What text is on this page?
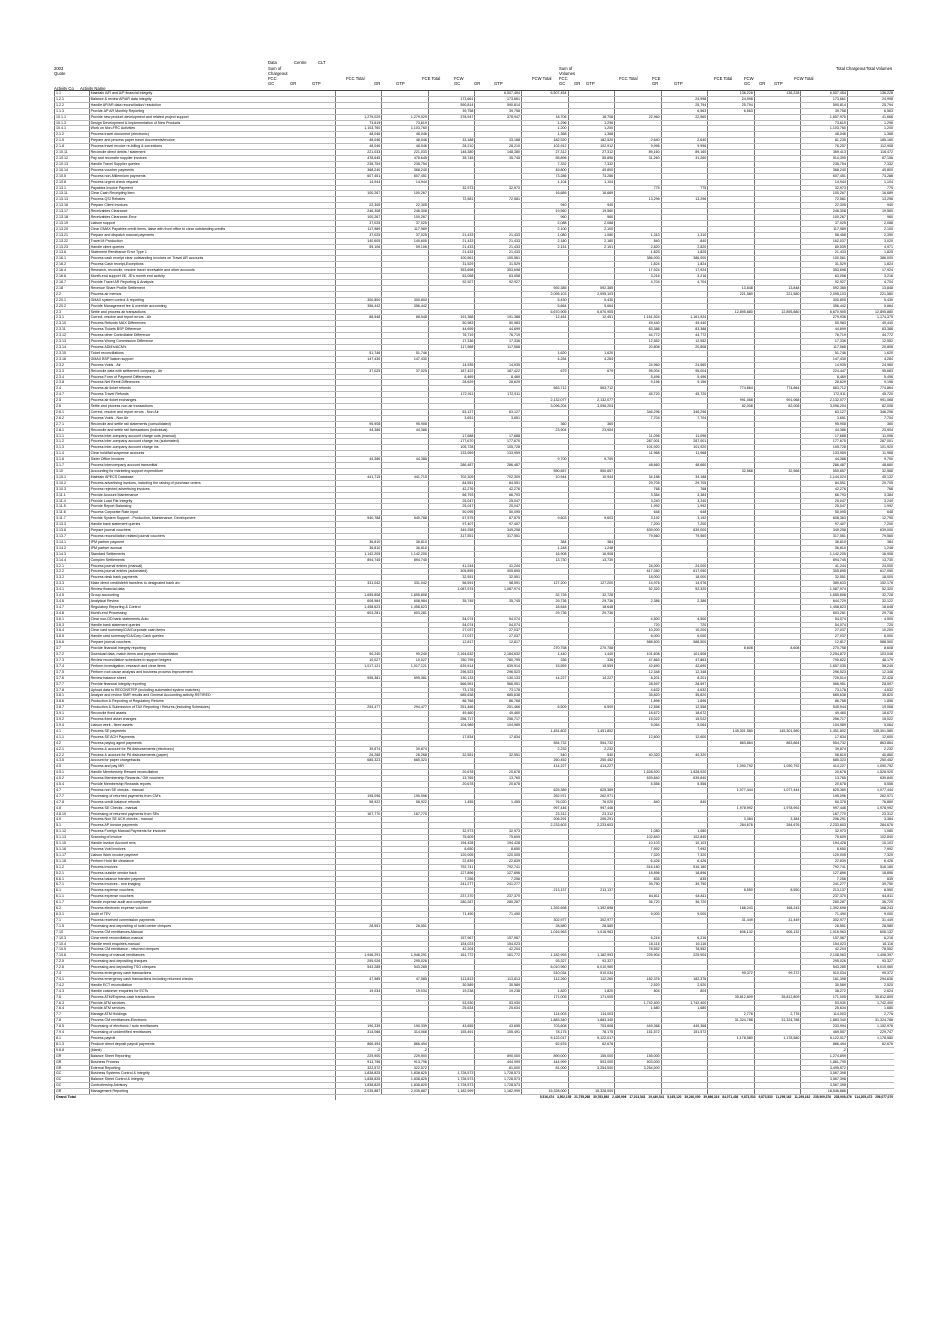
Data	Centre	CLT
2003
Quote
Sum of
Chargeout
Sum of
Volumes
FCC	FCC Total	FCE Total	FCW	FCW Total FCC	FCC Total	FCE	FCE Total	FCW	FCW Total
GC	GR	GTP	GR	GTP	GC	GR	GTP	GC GR GTP	GR	GTP	GC GR GTP
Total Chargeout Total Volumes
Activity Co Activity Name
1.1	Maintain A/R and A/P financial integrity				6,507,454	6,507,454				136,228	136,228	6,507,454	136,228
1.2.1	Balance & review AP/AR data integrity			173,661	173,661				24,998	24,998		173,661	24,998
1.2.2	Handle AP/AR data reconciliation/ resolution			590,814	590,814				25,794	25,794		590,814	25,794
1.1.3	Provide AP AR Monthly Reporting			39,758	39,758				6,563	6,563		39,758	6,563
10.1.1	Provide new product development and related project support	1,279,029	1,279,029	378,947	378,947	18,706	18,706	22,960	22,960			1,657,975	41,666
10.1.3	Design Development & Implementation of New Products	73,619	73,619			1,296	1,296					73,619	1,296
10.4.1	Work on Non-FRC Activities	1,103,760	1,103,760			1,200	1,200					1,103,760	1,200
2.1.2	Process travel document (electronic)	48,046	48,046			1,368	1,368					48,046	1,368
2.1.5	Prepare and process paper travel documents/invoice	48,046	48,046	33,188	33,188	182,520	182,520	2,640	2,640			81,235	185,160
2.1.8	Process travel invoice re-billing & corrections	48,046	48,046	28,210	28,210	102,912	102,912	9,996	9,996			76,257	112,908
2.10.11	Reconcile direct debits / statement	221,033	221,033	148,380	148,380	27,312	27,312	89,160	89,160			369,413	116,472
2.10.12	Pay and reconcile supplier invoices	478,645	478,645	35,745	35,745	55,896	55,896	31,260	31,260			514,390	87,156
2.10.13	Handle Travel Supplier queries	235,754	235,754			7,332	7,332					235,754	7,332
2.10.14	Process voucher payments	368,240	368,240			49,800	49,800					368,240	49,800
2.10.5	Process non-Millennium payments	607,451	607,451			73,286	73,286					607,451	73,286
2.10.8	Process urgent check request	14,944	14,944			1,104	1,104					14,944	1,104
2.13.1	Payables Invoice Payment			32,973	32,973			775	775			32,973	775
2.13.11	Clear Cash Receipting Item	100,267	100,267			16,689	16,689					100,267	16,689
2.13.13	Process QSI Rebates			72,581	72,581			13,296	13,296			72,581	13,296
2.13.16	Prepare Client Invoices	22,305	22,305			940	940					22,305	940
2.13.17	Receivables Clearance	246,308	246,308			19,560	19,560					246,308	19,560
2.13.18	Receivables Clearance-Error	100,267	100,267			960	960					100,267	960
2.13.19	Liaison support	37,025	37,025			2,088	2,088					37,025	2,088
2.13.20	Clear GMAX Payables credit items, liaise with front office to clear outstanding credits	117,989	117,989			2,100	2,100					117,989	2,100
2.13.21	Prepare and dispatch manual payments	37,025	37,025	21,433	21,433	1,080	1,080	1,310	1,310			58,458	2,390
2.13.22	Travel M Production	140,605	140,605	21,433	21,433	2,180	2,180	840	840			162,037	3,020
2.13.23	Handle client queries	59,106	59,106	21,433	21,433	2,151	2,151	2,820	2,820			80,539	4,971
2.13.6	Statement Remittance Error Type 1			21,433	21,433			1,825	1,825			21,433	1,825
2.16.1	Process cash receipt clear outstanding invoices on Travel AR accounts			100,561	100,561			386,000	386,000			100,561	386,000
2.16.2	Process Cash receipt-Exceptions			31,529	31,529			1,824	1,824			31,529	1,824
2.16.4	Research, reconcile, resolve travel receivable and other accounts			353,698	353,698			17,924	17,924			353,698	17,924
2.16.6	Month-end support I/E, JE's month end activity			63,058	63,058			3,216	3,216			63,058	3,216
2.16.7	Provide Travel AR Reporting & Analysis			92,927	92,927			4,704	4,704			92,927	4,704
2.18	Revenue Share Profile Settlement					592,385	592,385			13,848	13,848	592,385	13,848
2.2	Process air memos					2,095,103	2,095,103			221,580	221,580	2,095,103	221,580
2.20.1	GMAX system control & reporting	300,800	300,800			5,430	5,430					300,800	5,430
2.20.2	Provide Management fee & override accounting	356,442	356,442			5,664	5,664					356,442	5,664
2.3	Settle and process air transactions					6,670,905	6,670,905			12,895,880	12,895,880	6,670,905	12,895,880
2.3.1	Correct, resolve and report errors - Air	88,548	88,548	191,388	191,388	12,451	12,451	1,161,924	1,161,924			279,936	1,174,375
2.3.10	Process Refunds MAX Differences			50,983	50,983			49,440	49,440			50,983	49,440
2.3.11	Process Tickets BSP Difference			44,699	44,699			83,388	83,388			44,699	83,388
2.3.12	Process other Controllable Difference			76,719	76,719			44,772	44,772			76,719	44,772
2.3.13	Process Wrong Commission Difference			17,336	17,336			12,552	12,552			17,336	12,552
2.3.14	Process ADM's/ACM's			117,568	117,568			20,808	20,808			117,568	20,808
2.3.15	Ticket reconciliations	51,746	51,746			1,620	1,620					51,746	1,620
2.3.16	GMAX BSP liaison support	147,430	147,430			4,284	4,284					147,430	4,284
2.3.2	Process Voids - Air			14,935	14,935			24,960	24,960			14,935	24,960
2.3.3	Reconcile data with settlement company - Air	37,025	37,025	187,422	187,422	679	679	95,004	95,004			224,447	95,683
2.3.4	Process Form of Payment Differences			8,469	8,469			5,496	5,496			8,469	5,496
2.3.8	Process Net Remit Differences			28,629	28,629			9,156	9,156			28,629	9,156
2.4	Process air ticket refunds					563,712	563,712			774,864	774,864	563,712	774,864
2.4.7	Process Travel Refunds			172,911	172,911			45,720	45,720			172,911	45,720
2.5	Process air ticket exchanges					2,132,077	2,132,077			991,068	991,068	2,132,077	991,068
2.6	Settle and process non-air transactions					3,096,204	3,096,204			82,008	82,008	3,096,204	82,008
2.6.1	Correct, resolve and report errors - Non Air			63,127	63,127			346,296	346,296			63,127	346,296
2.6.2	Process Voids - Non Air			3,651	3,651			7,704	7,704			3,651	7,704
2.7.1	Reconcile and settle rail statements (consolidated)	95,908	95,908			360	360					95,908	360
2.8.1	Reconcile and settle rail transactions (individual)	44,386	44,386			23,904	23,904					44,386	23,904
3.1.1	Process inter-company account charge outs (manual)			17,688	17,688			11,096	11,096			17,688	11,096
3.1.2	Process inter-company account charge ins (automated)			177,670	177,670			287,001	287,001			177,670	287,001
3.1.3	Process inter-company account charge ins			105,728	105,728			101,920	101,920			105,728	101,920
3.1.4	Clear hold/fail suspense accounts			133,959	133,959			11,968	11,968			133,959	11,968
3.1.6	Sister Office Invoices	44,386	44,386			9,700	9,700					44,386	9,700
3.1.7	Process intercompany account transmittal			286,487	286,487			48,660	48,660			286,487	48,660
3.10	Accounting for marketing support expenditure					550,657	550,657			32,568	32,568	550,657	32,568
3.10.1	Maintain APECS Database	441,715	441,715	702,309	702,309	10,944	10,944	34,188	34,188			1,144,024	45,132
3.10.2	Process advertising invoices, including the raising of purchase orders			84,551	84,551			29,705	29,705			84,551	29,705
3.10.3	Process rejected advertising invoices			42,276	42,276			768	768			42,276	768
3.11.1	Provide Account Maintenance			66,793	66,793			3,384	3,384			66,793	3,384
3.11.4	Provide Load File Integrity			25,047	25,047			3,240	3,240			25,047	3,240
3.11.5	Provide Report Balancing			25,047	25,047			1,992	1,992			25,047	1,992
3.11.6	Process Corporate Rate Input			50,095	50,095			648	648			50,095	648
3.11.7	Provide System Support - Production, Maintenance, Development	540,788	540,788	67,575	67,575	9,603	9,603	3,192	3,192			608,363	12,795
3.13.3	Handle bank statement queries			97,407	97,407			7,200	7,200			97,407	7,200
3.13.6	Prepare journal vouchers			349,258	349,258			639,000	639,000			349,258	639,000
3.13.7	Process reconciliation related journal vouchers			317,551	317,551			79,560	79,560			317,551	79,560
3.14.1	IPM partner payment	36,810	36,810			384	384					36,810	384
3.14.2	IPM partner accrual	36,810	36,810			1,248	1,248					36,810	1,248
3.14.3	Standard Settlements	1,142,205	1,142,205			16,908	16,908					1,142,205	16,908
3.14.4	Complex Settlements	894,745	894,745			13,730	13,730					894,745	13,730
3.2.1	Process journal entries (manual)			41,244	41,244			24,000	24,000			41,244	24,000
3.2.2	Process journal entries (automated)			305,895	305,895			617,050	617,050			305,895	617,050
3.3.2	Process desk bank payments			32,551	32,551			18,000	18,000			32,551	18,000
3.3.3	Make direct credit/debit transfers to designated bank a/c	331,042	331,042	58,591	58,591	127,200	127,200	14,976	14,976			389,633	152,176
3.4.1	Review financial data			1,087,974	1,087,974			52,320	52,320			1,087,974	52,320
3.4.5	Group accounting	1,655,808	1,655,808			32,728	32,728					1,655,808	32,728
3.4.6	Analytical Review	608,984	608,984	35,745	35,745	29,736	29,736	2,386	2,386			644,729	32,122
3.4.7	Regulatory Reporting & Control	1,458,623	1,458,623			18,648	18,648					1,458,623	18,648
3.4.8	Month-end Processing	603,281	603,281			29,736	29,736					603,281	29,736
3.6.1	Clear non-DD bank statements-Auto			54,074	54,074			4,500	4,500			54,074	4,500
3.6.3	Handle bank statement queries			54,074	54,074			720	720			54,074	720
3.6.4	Clear card summary/CIA/Corporate cash items			27,037	27,037			10,200	10,200			27,037	10,200
3.6.5	Handle card summary/CIA/Corp Cash queries			27,037	27,037			6,000	6,000			27,037	6,000
3.6.6	Prepare journal vouchers			12,817	12,817			588,500	588,500			12,817	588,500
3.7	Provide financial integrity reporting					270,758	270,758			8,608	8,608	270,758	8,608
3.7.2	Download data, match items and prepare reconciliation	90,240	90,240	2,164,632	2,164,632	1,440	1,440	101,608	101,608			2,254,872	103,048
3.7.3	Review reconciliation schedules to support ledgers	10,027	10,027	780,795	780,795	336	336	47,863	47,863			790,822	48,179
3.7.4	Perform investigation, research and clear items	1,017,121	1,017,121	639,914	639,914	15,559	15,559	42,690	42,690			1,657,035	58,249
3.7.5	Perform root cause analysis and business process improvement			296,523	296,523			12,348	12,348			296,523	12,348
3.7.6	Review balance sheet	595,381	595,381	130,133	130,133	14,227	14,227	8,201	8,201			725,514	22,428
3.7.7	Provide financial integrity reporting			566,951	566,951			28,597	28,597			566,951	28,597
3.7.8	Upload data to RECONSTEP (including automated system matches)			73,178	73,178			4,632	4,632			73,178	4,632
3.8.1	Analyze and review SMR results and General Accounting activity-RETIRED			685,638	685,638			35,820	35,820			685,638	35,820
3.8.6	Production & Reporting of Regulatory Returns			86,768	86,768			1,896	1,896			86,768	1,896
3.8.7	Production & Submission of TAX Reporting / Returns (including Schedules)	294,477	294,477	251,466	251,466	6,509	6,509	12,558	12,558			545,944	19,068
3.9.1	Reconcile fixed assets			49,460	49,460			18,672	18,672			49,460	18,672
3.9.2	Process fixed asset changes			256,717	256,717			15,022	15,022			256,717	15,022
3.9.4	Liaison work - fixed assets			104,989	104,989			5,064	5,064			104,989	5,064
4.1	Process SE payments					1,451,802	1,451,802			145,301,580	145,301,580	1,451,802	145,301,580
4.1.1	Process SE ACH Payments			17,834	17,834			12,600	12,600			17,834	12,600
4.2	Process paying agent payments					554,732	554,732			863,864	863,864	554,732	863,864
4.2.1	Process & account for PA disbursements (electronic)	39,874	39,874			2,232	2,232					39,874	2,232
4.2.2	Process & account for PA disbursements (paper)	26,268	26,268	32,551	32,551	540	540	40,320	40,320			58,819	40,860
4.3.5	Account for paper chargebacks	685,323	685,323			250,452	250,452					685,323	250,452
4.5	Process and pay MR					414,227	414,227			1,090,792	1,090,792	414,227	1,090,792
4.5.1	Handle Membership Reward reconciliation			20,678	20,678			1,528,920	1,528,920			20,678	1,528,920
4.5.2	Process Membership Rewards / Gift vouchers			13,765	13,765			639,840	639,840			13,765	639,840
4.5.4	Provide Membership Rewards reports			20,678	20,678			5,556	5,556			20,678	5,556
4.7	Process non SE checks - manual					625,389	625,389			1,077,444	1,077,444	625,389	1,077,444
4.7.7	Processing of returned payments from CM's	195,096	195,096			262,971	262,971					195,096	262,971
4.7.8	Process credit balance refunds	58,922	58,922	1,455	1,455	76,020	76,020	840	840			60,378	76,860
4.8	Process SE Checks - manual					997,446	997,446			1,978,992	1,978,992	997,446	1,978,992
4.8.10	Processing of returned payments from SEs	167,770	167,770			23,312	23,312					167,770	23,312
4.9	Process Non SE ACH checks - manual					206,291	206,291			3,384	3,384	206,291	3,384
5.1	Process AP invoice payments					2,233,603	2,233,603			284,676	284,676	2,233,603	284,676
5.1.12	Process Foreign Manual Payments for invoices			32,973	32,973			1,080	1,080			32,973	1,080
5.1.13	Scanning of invoice			75,609	75,609			102,840	102,840			75,609	102,840
5.1.15	Handle invoice Account recs			194,428	194,428			10,103	10,103			194,428	10,103
5.1.16	Process Void invoices			8,650	8,650			7,992	7,992			8,650	7,992
5.1.17	Liaison Work invoice payment			120,005	120,005			7,320	7,320			120,005	7,320
5.1.18	Perform Hold file clearance			22,839	22,839			6,426	6,426			22,839	6,426
5.1.2	Process invoices			792,741	792,741			516,180	516,180			792,741	516,180
5.2.1	Process outside vendor back			127,896	127,896			18,896	18,896			127,896	18,896
6.6.1	Process balance transfer payment			7,256	7,256			835	835			7,256	835
6.7.1	Process invoices - non imaging			241,277	241,277			39,750	39,750			241,277	39,750
6.1	Process expense vouchers					213,137	213,137			8,550	8,550	213,137	8,550
6.1.1	Process expense vouchers			237,370	237,370			64,811	64,811			237,370	64,811
6.1.7	Handle expense audit and compliance			280,287	280,287			36,720	36,720			280,287	36,720
6.2	Process electronic expense voucher					1,392,698	1,392,698			168,243	168,243	1,392,698	168,243
6.3.1	Audit of TEV			71,490	71,490			9,000	9,000			71,490	9,000
7.1	Process received commission payments					302,977	302,977			31,449	31,449	302,977	31,449
7.1.5	Processing and depositing of hotel center cheques	28,551	28,551			28,580	28,580					28,551	28,580
7.10	Process CM remittances-Manual					1,016,963	1,016,963			606,132	606,132	1,016,963	606,132
7.10.3	Clear remit reconciliation-manual			157,967	157,967			6,216	6,216			157,967	6,216
7.10.4	Handle remit enquiries-manual			154,023	154,023			16,116	16,116			154,023	16,116
7.10.5	Process CM remittance - returned cheques			42,204	42,204			78,552	78,552			42,204	78,552
7.10.6	Processing of manual remittances	1,946,291	1,946,291	161,772	161,772	1,182,993	1,182,993	225,904	225,904			2,108,063	1,408,397
7.2.5	Processing and depositing cheques	295,026	295,026			93,327	93,327					295,026	93,327
7.2.6	Processing and depositing TSO cheques	543,285	543,285			6,010,960	6,010,960					543,285	6,010,960
7.4	Process emergency cash transactions					510,034	510,034			99,372	99,372	510,034	99,372
7.4.1	Process emergency cash transactions including returned checks	47,585	47,585	113,813	113,813	112,260	112,260	182,376	182,376			161,398	294,636
7.4.2	Handle ECT reconciliation			30,589	30,589			2,520	2,520			30,589	2,520
7.4.3	Handle customer enquiries for ECTs	19,034	19,034	19,238	19,238	1,820	1,820	804	804			38,272	2,624
7.6	Process ATM/Express cash transactions					171,005	171,005			35,812,809	35,812,809	171,005	35,812,809
7.6.3	Provide ATM services			53,930	53,930			1,742,400	1,742,400			53,930	1,742,400
7.6.4	Provide ATM services			25,634	25,634			1,680	1,680			25,634	1,680
7.7	Manage ATM Holdings					114,003	114,003			2,776	2,776	114,003	2,776
7.8	Process CM remittances-Electronic					1,883,340	1,883,340			31,324,788	31,324,788	1,883,340	31,324,788
7.8.5	Processing of electronic / auto remittances	190,339	190,339	43,655	43,655	703,608	703,608	449,368	449,368			233,994	1,152,976
7.9.4	Processing of unidentified remittances	314,066	314,066	155,491	155,491	78,175	78,175	151,572	151,572			469,557	229,747
8.1	Process payroll					5,122,017	5,122,017			1,178,580	1,178,580	5,122,017	1,178,580
8.1.3	Produce direct deposit payroll payments	866,494	866,494			62,676	62,676					866,494	62,676
9.8.8	(blank)	-2	-2									-2	
GR	Balance Sheet Reporting	229,900	229,900		890,000	890,000	155,000	155,000				1,274,899	
GR	Business Process	913,796	913,796		444,999	444,999	503,000	503,000				1,861,795	
GR	External Reporting	322,572	322,572		81,000	81,000	3,254,000	3,254,000				3,495,572	
GC	Business Systems Control & Integrity	1,838,825	1,838,825	1,728,573	1,728,573							3,567,398	
GC	Balance Sheet Control & Integrity	1,838,825	1,838,825	1,728,573	1,728,573							3,567,398	
GC	Controllership Advisory	1,838,825	1,838,825	1,728,573	1,728,573							3,567,398	
GR	Management Reporting	2,035,887	2,035,887	1,182,999	1,182,999	15,328,000	15,328,000					18,546,886	
Grand Total		5,516,474 3,502,155 21,755,268 30,763,892 2,426,996 17,013,543 19,440,541 5,165,120 39,240,000 39,666,316 84,071,436 9,873,533 9,873,533 11,295,162 11,295,162 235,909,376 235,909,376 114,205,472 256,077,070											
